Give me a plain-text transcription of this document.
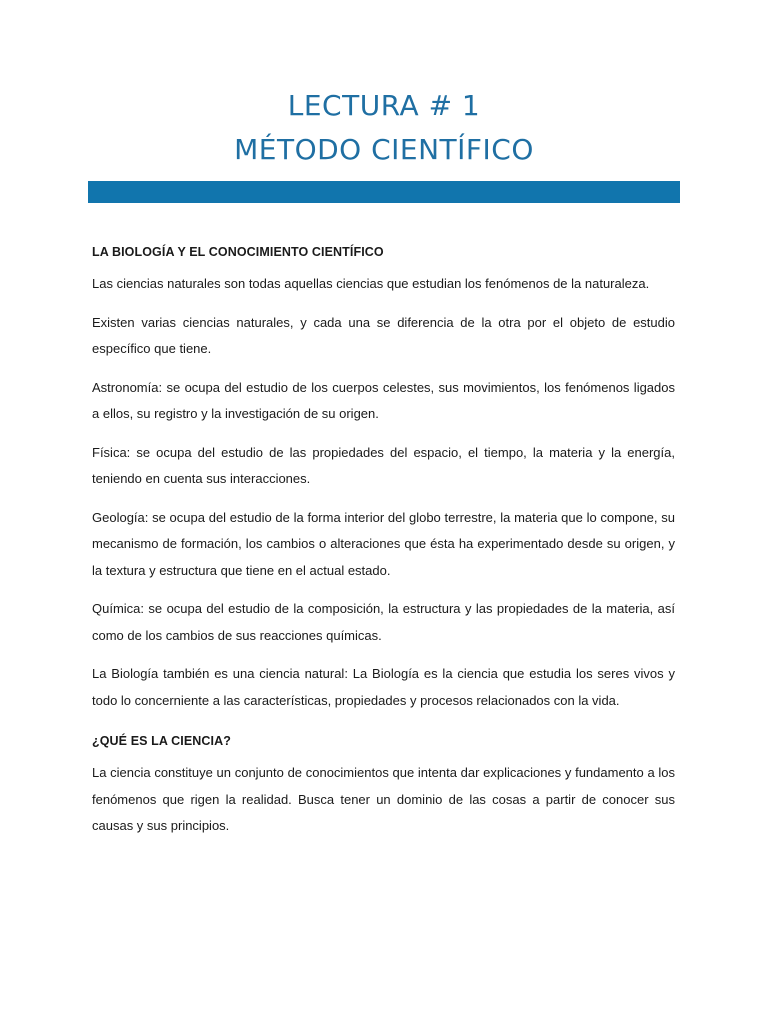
LECTURA # 1
MÉTODO CIENTÍFICO
LA BIOLOGÍA Y EL CONOCIMIENTO CIENTÍFICO

Las ciencias naturales son todas aquellas ciencias que estudian los fenómenos de la naturaleza.

Existen varias ciencias naturales, y cada una se diferencia de la otra por el objeto de estudio específico que tiene.

Astronomía: se ocupa del estudio de los cuerpos celestes, sus movimientos, los fenómenos ligados a ellos, su registro y la investigación de su origen.

Física: se ocupa del estudio de las propiedades del espacio, el tiempo, la materia y la energía, teniendo en cuenta sus interacciones.

Geología: se ocupa del estudio de la forma interior del globo terrestre, la materia que lo compone, su mecanismo de formación, los cambios o alteraciones que ésta ha experimentado desde su origen, y la textura y estructura que tiene en el actual estado.

Química: se ocupa del estudio de la composición, la estructura y las propiedades de la materia, así como de los cambios de sus reacciones químicas.

La Biología también es una ciencia natural: La Biología es la ciencia que estudia los seres vivos y todo lo concerniente a las características, propiedades y procesos relacionados con la vida.

¿QUÉ ES LA CIENCIA?

La ciencia constituye un conjunto de conocimientos que intenta dar explicaciones y fundamento a los fenómenos que rigen la realidad. Busca tener un dominio de las cosas a partir de conocer sus causas y sus principios.
